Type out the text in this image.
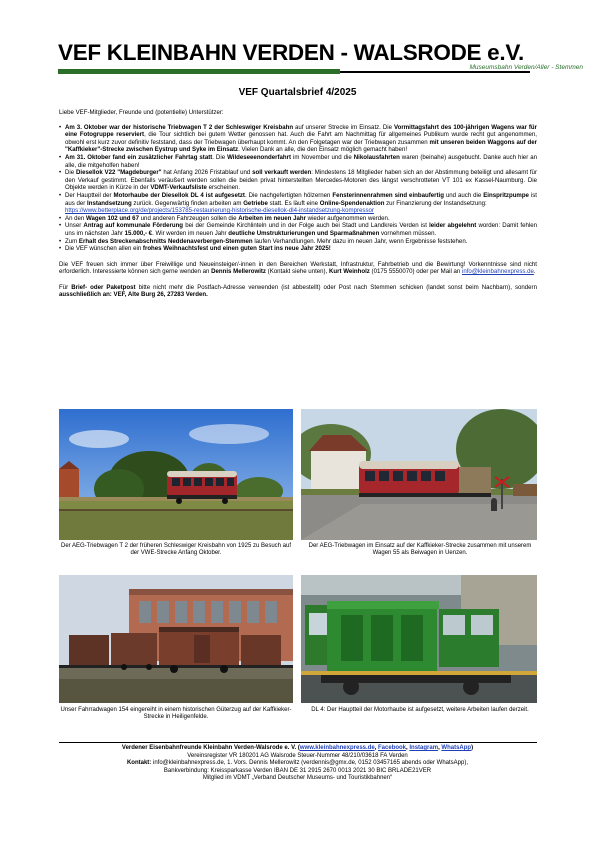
VEF KLEINBAHN VERDEN - WALSRODE e.V.
Museumsbahn Verden/Aller - Stemmen
VEF Quartalsbrief 4/2025

Liebe VEF-Mitglieder, Freunde und (potentielle) Unterstützer:

• Am 3. Oktober war der historische Triebwagen T 2 der Schleswiger Kreisbahn auf unserer Strecke im Einsatz. Die Vormittagsfahrt des 100-jährigen Wagens war für eine Fotogruppe reserviert, die Tour sichtlich bei gutem Wetter genossen hat. Auch die Fahrt am Nachmittag für allgemeines Publikum wurde recht gut angenommen, obwohl erst kurz zuvor definitiv feststand, dass der Triebwagen überhaupt kommt. An den Folgetagen war der Triebwagen zusammen mit unseren beiden Waggons auf der "Kaffkieker"-Strecke zwischen Eystrup und Syke im Einsatz. Vielen Dank an alle, die den Einsatz möglich gemacht haben!
• Am 31. Oktober fand ein zusätzlicher Fahrtag statt. Die Wildeseeenonderfahrt im November und die Nikolausfahrten waren (beinahe) ausgebucht. Danke auch hier an alle, die mitgeholfen haben!
• Die Diesellok V22 "Magdeburger" hat Anfang 2026 Fristablauf und soll verkauft werden: Mindestens 18 Mitglieder haben sich an der Abstimmung beteiligt und allesamt für den Verkauf gestimmt. Ebenfalls veräußert werden sollen die beiden privat hinterstellten Mercedes-Motoren des längst verschrotteten VT 101 ex Kassel-Naumburg. Die Objekte werden in Kürze in der VDMT-Verkaufsliste erscheinen.
• Der Hauptteil der Motorhaube der Diesellok DL 4 ist aufgesetzt. Die nachgefertigten hölzernen Fensterinnenrahmen sind einbaufertig und auch die Einspritzpumpe ist aus der Instandsetzung zurück. Gegenwärtig finden arbeiten am Getriebe statt. Es läuft eine Online-Spendenaktion zur Finanzierung der Instandsetzung:
https://www.betterplace.org/de/projects/153785-restaurierung-historische-diesellok-dl4-instandsetzung-kompressor
• An den Wagen 102 und 67 und anderen Fahrzeugen sollen die Arbeiten im neuen Jahr wieder aufgenommen werden.
• Unser Antrag auf kommunale Förderung bei der Gemeinde Kirchlinteln und in der Folge auch bei Stadt und Landkreis Verden ist leider abgelehnt worden: Damit fehlen uns im nächsten Jahr 15.000,- €. Wir werden im neuen Jahr deutliche Umstrukturierungen und Sparmaßnahmen vornehmen müssen.
• Zum Erhalt des Streckenabschnitts Neddenaverbergen-Stemmen laufen Verhandlungen. Mehr dazu im neuen Jahr, wenn Ergebnisse feststehen.
• Die VEF wünschen allen ein frohes Weihnachtsfest und einen guten Start ins neue Jahr 2025!

Die VEF freuen sich immer über Freiwillige und Neueinsteiger/-innen in den Bereichen Werkstatt, Infrastruktur, Fahrbetrieb und die Bewirtung! Vorkenntnisse sind nicht erforderlich. Interessierte können sich gerne wenden an Dennis Mellerowitz (Kontakt siehe unten), Kurt Weinholz (0175 5550070) oder per Mail an info@kleinbahnexpress.de.

Für Brief- oder Paketpost bitte nicht mehr die Postfach-Adresse verwenden (ist abbestellt) oder Post nach Stemmen schicken (landet sonst beim Nachbarn), sondern ausschließlich an: VEF, Alte Burg 26, 27283 Verden.

Der AEG-Triebwagen T 2 der früheren Schleswiger Kreisbahn von 1925 zu Besuch auf der VWE-Strecke Anfang Oktober.
Der AEG-Triebwagen im Einsatz auf der Kaffkieker-Strecke zusammen mit unserem Wagen 55 als Beiwagen in Uenzen.
Unser Fahrradwagen 154 eingereiht in einem historischen Güterzug auf der Kaffkieker-Strecke in Heiligenfelde.
DL 4: Der Hauptteil der Motorhaube ist aufgesetzt, weitere Arbeiten laufen derzeit.
Verdener Eisenbahnfreunde Kleinbahn Verden-Walsrode e. V. (www.kleinbahnexpress.de, Facebook, Instagram, WhatsApp)
Vereinsregister VR 180201 AG Walsrode Steuer-Nummer 48/210/03618 FA Verden
Kontakt: info@kleinbahnexpress.de, 1. Vors. Dennis Mellerowitz (verdennis@gmx.de, 0152 03457165 abends oder WhatsApp),
Bankverbindung: Kreissparkasse Verden IBAN DE 31 2915 2670 0013 2021 30 BIC BRLADE21VER
Mitglied im VDMT „Verband Deutscher Museums- und Touristikbahnen“
